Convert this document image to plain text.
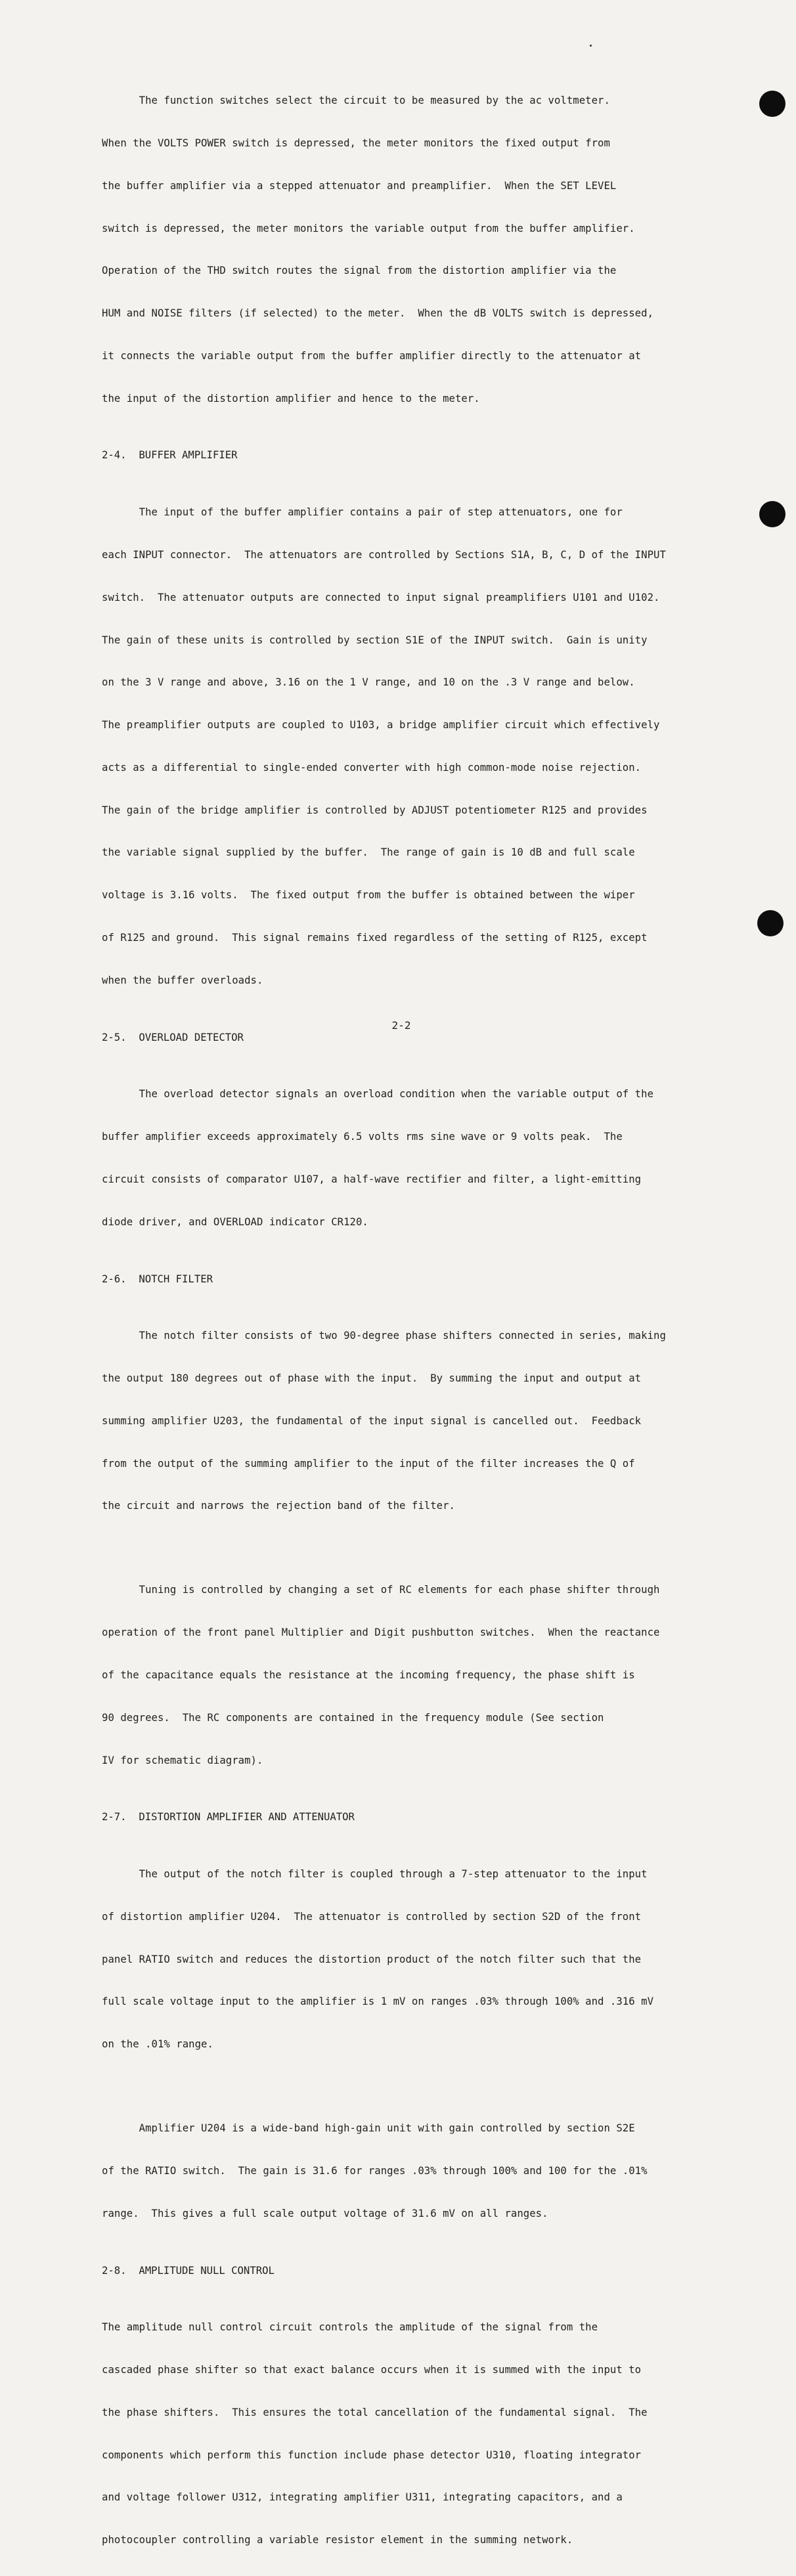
The function switches select the circuit to be measured by the ac voltmeter.

When the VOLTS POWER switch is depressed, the meter monitors the fixed output from

the buffer amplifier via a stepped attenuator and preamplifier.  When the SET LEVEL

switch is depressed, the meter monitors the variable output from the buffer amplifier.

Operation of the THD switch routes the signal from the distortion amplifier via the

HUM and NOISE filters (if selected) to the meter.  When the dB VOLTS switch is depressed,

it connects the variable output from the buffer amplifier directly to the attenuator at

the input of the distortion amplifier and hence to the meter.

2-4.  BUFFER AMPLIFIER

The input of the buffer amplifier contains a pair of step attenuators, one for

each INPUT connector.  The attenuators are controlled by Sections S1A, B, C, D of the INPUT

switch.  The attenuator outputs are connected to input signal preamplifiers U101 and U102.

The gain of these units is controlled by section S1E of the INPUT switch.  Gain is unity

on the 3 V range and above, 3.16 on the 1 V range, and 10 on the .3 V range and below.

The preamplifier outputs are coupled to U103, a bridge amplifier circuit which effectively

acts as a differential to single-ended converter with high common-mode noise rejection.

The gain of the bridge amplifier is controlled by ADJUST potentiometer R125 and provides

the variable signal supplied by the buffer.  The range of gain is 10 dB and full scale

voltage is 3.16 volts.  The fixed output from the buffer is obtained between the wiper

of R125 and ground.  This signal remains fixed regardless of the setting of R125, except

when the buffer overloads.

2-5.  OVERLOAD DETECTOR

The overload detector signals an overload condition when the variable output of the

buffer amplifier exceeds approximately 6.5 volts rms sine wave or 9 volts peak.  The

circuit consists of comparator U107, a half-wave rectifier and filter, a light-emitting

diode driver, and OVERLOAD indicator CR120.

2-6.  NOTCH FILTER

The notch filter consists of two 90-degree phase shifters connected in series, making

the output 180 degrees out of phase with the input.  By summing the input and output at

summing amplifier U203, the fundamental of the input signal is cancelled out.  Feedback

from the output of the summing amplifier to the input of the filter increases the Q of

the circuit and narrows the rejection band of the filter.

Tuning is controlled by changing a set of RC elements for each phase shifter through

operation of the front panel Multiplier and Digit pushbutton switches.  When the reactance

of the capacitance equals the resistance at the incoming frequency, the phase shift is

90 degrees.  The RC components are contained in the frequency module (See section

IV for schematic diagram).

2-7.  DISTORTION AMPLIFIER AND ATTENUATOR

The output of the notch filter is coupled through a 7-step attenuator to the input

of distortion amplifier U204.  The attenuator is controlled by section S2D of the front

panel RATIO switch and reduces the distortion product of the notch filter such that the

full scale voltage input to the amplifier is 1 mV on ranges .03% through 100% and .316 mV

on the .01% range.

Amplifier U204 is a wide-band high-gain unit with gain controlled by section S2E

of the RATIO switch.  The gain is 31.6 for ranges .03% through 100% and 100 for the .01%

range.  This gives a full scale output voltage of 31.6 mV on all ranges.

2-8.  AMPLITUDE NULL CONTROL

The amplitude null control circuit controls the amplitude of the signal from the

cascaded phase shifter so that exact balance occurs when it is summed with the input to

the phase shifters.  This ensures the total cancellation of the fundamental signal.  The

components which perform this function include phase detector U310, floating integrator

and voltage follower U312, integrating amplifier U311, integrating capacitors, and a

photocoupler controlling a variable resistor element in the summing network.

2-2
